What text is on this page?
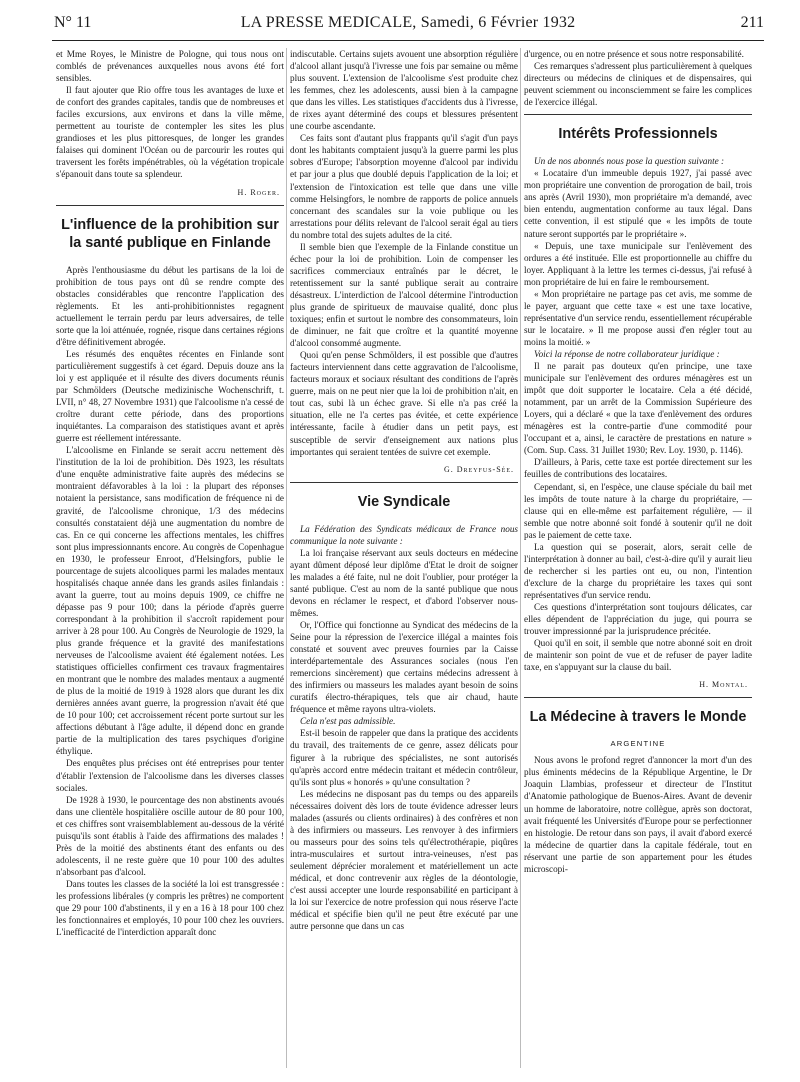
N° 11	LA PRESSE MEDICALE, Samedi, 6 Février 1932	211

et Mme Royes, le Ministre de Pologne, qui tous nous ont comblés de prévenances auxquelles nous avons été fort sensibles.

Il faut ajouter que Rio offre tous les avantages de luxe et de confort des grandes capitales, tandis que de nombreuses et faciles excursions, aux environs et dans la ville même, permettent au touriste de contempler les sites les plus grandioses et les plus pittoresques, de longer les grandes falaises qui dominent l'Océan ou de parcourir les routes qui traversent les forêts impénétrables, où la végétation tropicale s'épanouit dans toute sa splendeur.

H. Roger.
L'influence de la prohibition sur la santé publique en Finlande

Après l'enthousiasme du début les partisans de la loi de prohibition de tous pays ont dû se rendre compte des obstacles considérables que rencontre l'application des règlements. Et les anti-prohibitionnistes regagnent actuellement le terrain perdu par leurs adversaires, de telle sorte que la loi atténuée, rognée, risque dans certaines régions d'être définitivement abrogée.

Les résumés des enquêtes récentes en Finlande sont particulièrement suggestifs à cet égard. Depuis douze ans la loi y est appliquée et il résulte des divers documents réunis par Schmölders (Deutsche medizinische Wochenschrift, t. LVII, n° 48, 27 Novembre 1931) que l'alcoolisme n'a cessé de croître durant cette période, dans des proportions inquiétantes. La comparaison des statistiques avant et après guerre est réellement intéressante.

L'alcoolisme en Finlande se serait accru nettement dès l'institution de la loi de prohibition. Dès 1923, les résultats d'une enquête administrative faite auprès des médecins se montraient défavorables à la loi : la plupart des réponses notaient la persistance, sans modification de fréquence ni de gravité, de l'alcoolisme chronique, 1/3 des médecins consultés constataient déjà une augmentation du nombre de cas. En ce qui concerne les affections mentales, les chiffres sont plus impressionnants encore. Au congrès de Copenhague en 1930, le professeur Enroot, d'Helsingfors, publie le pourcentage de sujets alcooliques parmi les malades mentaux hospitalisés chaque année dans les grands asiles finlandais : avant la guerre, tout au moins depuis 1909, ce chiffre ne dépasse pas 9 pour 100; dans la période d'après guerre correspondant à la prohibition il s'accroît rapidement pour arriver à 28 pour 100. Au Congrès de Neurologie de 1929, la plus grande fréquence et la gravité des manifestations nerveuses de l'alcoolisme avaient été également notées. Les statistiques officielles confirment ces travaux fragmentaires en montrant que le nombre des malades mentaux a augmenté de plus de la moitié de 1919 à 1928 alors que durant les dix dernières années avant guerre, la progression n'avait été que de 10 pour 100; cet accroissement récent porte surtout sur les affections débutant à l'âge adulte, il dépend donc en grande partie de la multiplication des tares psychiques d'origine éthylique.

Des enquêtes plus précises ont été entreprises pour tenter d'établir l'extension de l'alcoolisme dans les diverses classes sociales.

De 1928 à 1930, le pourcentage des non abstinents avoués dans une clientèle hospitalière oscille autour de 80 pour 100, et ces chiffres sont vraisemblablement au-dessous de la vérité puisqu'ils sont établis à l'aide des affirmations des malades ! Près de la moitié des abstinents étant des enfants ou des adolescents, il ne reste guère que 10 pour 100 des adultes n'absorbant pas d'alcool.

Dans toutes les classes de la société la loi est transgressée : les professions libérales (y compris les prêtres) ne comportent que 29 pour 100 d'abstinents, il y en a 16 à 18 pour 100 chez les fonctionnaires et employés, 10 pour 100 chez les ouvriers. L'inefficacité de l'interdiction apparaît donc

indiscutable. Certains sujets avouent une absorption régulière d'alcool allant jusqu'à l'ivresse une fois par semaine ou même plus souvent. L'extension de l'alcoolisme s'est produite chez les femmes, chez les adolescents, aussi bien à la campagne que dans les villes. Les statistiques d'accidents dus à l'ivresse, de rixes ayant déterminé des coups et blessures présentent une courbe ascendante.

Ces faits sont d'autant plus frappants qu'il s'agit d'un pays dont les habitants comptaient jusqu'à la guerre parmi les plus sobres d'Europe; l'absorption moyenne d'alcool par individu et par jour a plus que doublé depuis l'application de la loi; et l'extension de l'intoxication est telle que dans une ville comme Helsingfors, le nombre de rapports de police annuels concernant des scandales sur la voie publique ou les arrestations pour délits relevant de l'alcool serait égal au tiers du nombre total des sujets adultes de la cité.

Il semble bien que l'exemple de la Finlande constitue un échec pour la loi de prohibition. Loin de compenser les sacrifices commerciaux entraînés par le décret, le retentissement sur la santé publique serait au contraire désastreux. L'interdiction de l'alcool détermine l'introduction plus grande de spiritueux de mauvaise qualité, donc plus toxiques; enfin et surtout le nombre des consommateurs, loin de diminuer, ne fait que croître et la quantité moyenne d'alcool consommé augmente.

Quoi qu'en pense Schmölders, il est possible que d'autres facteurs interviennent dans cette aggravation de l'alcoolisme, facteurs moraux et sociaux résultant des conditions de l'après guerre, mais on ne peut nier que la loi de prohibition n'ait, en tout cas, subi là un échec grave. Si elle n'a pas créé la situation, elle ne l'a certes pas évitée, et cette expérience intéressante, facile à étudier dans un petit pays, est susceptible de servir d'enseignement aux nations plus importantes qui seraient tentées de suivre cet exemple.

G. Dreyfus-Sée.
Vie Syndicale

La Fédération des Syndicats médicaux de France nous communique la note suivante :

La loi française réservant aux seuls docteurs en médecine ayant dûment déposé leur diplôme d'Etat le droit de soigner les malades a été faite, nul ne doit l'oublier, pour protéger la santé publique. C'est au nom de la santé publique que nous devons en réclamer le respect, et d'abord l'observer nous-mêmes.

Or, l'Office qui fonctionne au Syndicat des médecins de la Seine pour la répression de l'exercice illégal a maintes fois constaté et souvent avec preuves fournies par la Caisse interdépartementale des Assurances sociales (nous l'en remercions sincèrement) que certains médecins adressent à des infirmiers ou masseurs les malades ayant besoin de soins curatifs électro-thérapiques, tels que air chaud, haute fréquence et même rayons ultra-violets.

Cela n'est pas admissible.

Est-il besoin de rappeler que dans la pratique des accidents du travail, des traitements de ce genre, assez délicats pour figurer à la rubrique des spécialistes, ne sont autorisés qu'après accord entre médecin traitant et médecin contrôleur, qu'ils sont plus « honorés » qu'une consultation ?

Les médecins ne disposant pas du temps ou des appareils nécessaires doivent dès lors de toute évidence adresser leurs malades (assurés ou clients ordinaires) à des confrères et non à des infirmiers ou masseurs. Les renvoyer à des infirmiers ou masseurs pour des soins tels qu'électrothérapie, piqûres intra-musculaires et surtout intra-veineuses, n'est pas seulement déprécier moralement et matériellement un acte médical, et donc contrevenir aux règles de la déontologie, c'est aussi accepter une lourde responsabilité en participant à la loi sur l'exercice de notre profession qui nous réserve l'acte médical et spécifie bien qu'il ne peut être exécuté par une autre personne que dans un cas

d'urgence, ou en notre présence et sous notre responsabilité.

Ces remarques s'adressent plus particulièrement à quelques directeurs ou médecins de cliniques et de dispensaires, qui peuvent sciemment ou inconsciemment se faire les complices de l'exercice illégal.

Intérêts Professionnels

Un de nos abonnés nous pose la question suivante :

« Locataire d'un immeuble depuis 1927, j'ai passé avec mon propriétaire une convention de prorogation de bail, trois ans après (Avril 1930), mon propriétaire m'a demandé, avec bien entendu, augmentation conforme au taux légal. Dans cette convention, il est stipulé que « les impôts de toute nature seront supportés par le propriétaire ».

« Depuis, une taxe municipale sur l'enlèvement des ordures a été instituée. Elle est proportionnelle au chiffre du loyer. Appliquant à la lettre les termes ci-dessus, j'ai refusé à mon propriétaire de lui en faire le remboursement.

« Mon propriétaire ne partage pas cet avis, me somme de le payer, arguant que cette taxe « est une taxe locative, représentative d'un service rendu, essentiellement récupérable sur le locataire. » Il me propose aussi d'en régler tout au moins la moitié. »

Voici la réponse de notre collaborateur juridique :

Il ne parait pas douteux qu'en principe, une taxe municipale sur l'enlèvement des ordures ménagères est un impôt que doit supporter le locataire. Cela a été décidé, notamment, par un arrêt de la Commission Supérieure des Loyers, qui a déclaré « que la taxe d'enlèvement des ordures ménagères est la contre-partie d'une commodité pour l'occupant et a, ainsi, le caractère de prestations en nature » (Com. Sup. Cass. 31 Juillet 1930; Rev. Loy. 1930, p. 1146).

D'ailleurs, à Paris, cette taxe est portée directement sur les feuilles de contributions des locataires.

Cependant, si, en l'espèce, une clause spéciale du bail met les impôts de toute nature à la charge du propriétaire, — clause qui en elle-même est parfaitement régulière, — il semble que notre abonné soit fondé à soutenir qu'il ne doit pas le paiement de cette taxe.

La question qui se poserait, alors, serait celle de l'interprétation à donner au bail, c'est-à-dire qu'il y aurait lieu de rechercher si les parties ont eu, ou non, l'intention d'exclure de la charge du propriétaire les taxes qui sont représentatives d'un service rendu.

Ces questions d'interprétation sont toujours délicates, car elles dépendent de l'appréciation du juge, qui pourra se trouver impressionné par la jurisprudence précitée.

Quoi qu'il en soit, il semble que notre abonné soit en droit de maintenir son point de vue et de refuser de payer ladite taxe, en s'appuyant sur la clause du bail.

H. Montal.
La Médecine à travers le Monde
ARGENTINE

Nous avons le profond regret d'annoncer la mort d'un des plus éminents médecins de la République Argentine, le Dr Joaquin Llambias, professeur et directeur de l'Institut d'Anatomie pathologique de Buenos-Aires. Avant de devenir un homme de laboratoire, notre collègue, après son doctorat, avait fréquenté les Universités d'Europe pour se perfectionner en histologie. De retour dans son pays, il avait d'abord exercé la médecine de quartier dans la capitale fédérale, tout en réservant une partie de son appartement pour les études microscopi-
